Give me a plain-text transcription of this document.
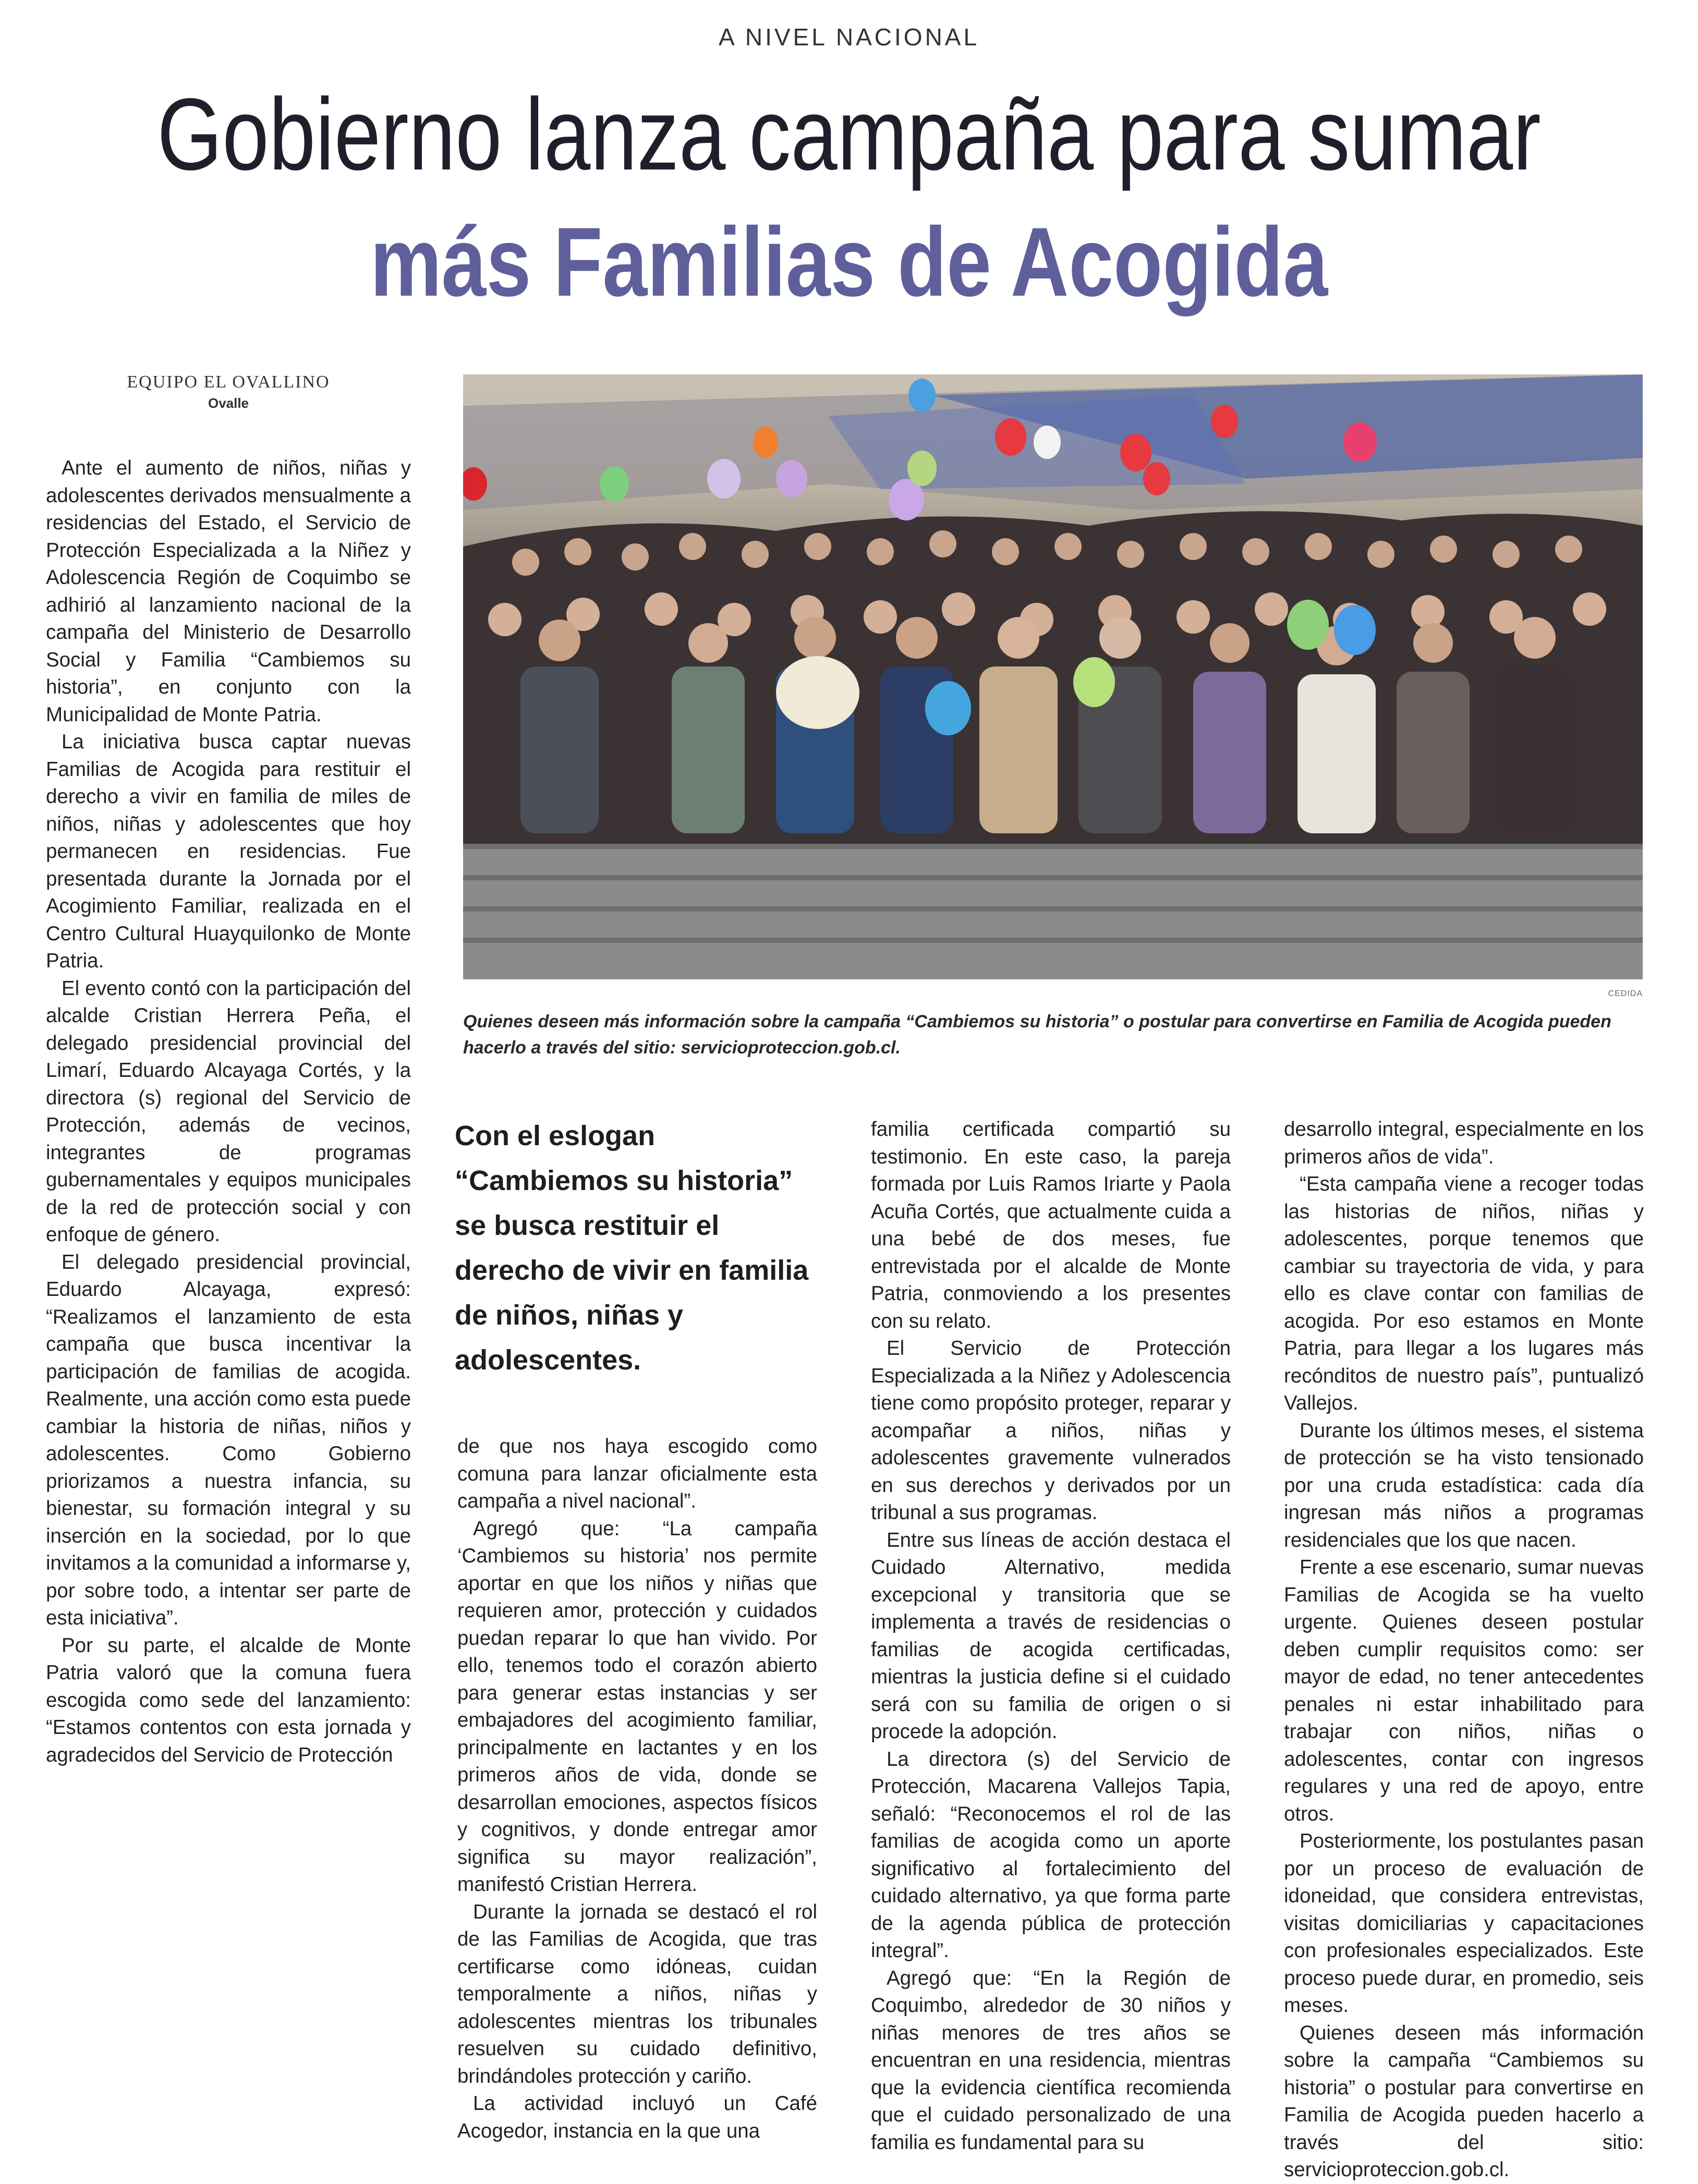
A NIVEL NACIONAL
Gobierno lanza campaña para sumar
más Familias de Acogida
EQUIPO EL OVALLINO
Ovalle
CEDIDA
Quienes deseen más información sobre la campaña “Cambiemos su historia” o postular para convertirse en Familia de Acogida pueden hacerlo a través del sitio: servicioproteccion.gob.cl.

Ante el aumento de niños, niñas y adolescentes derivados mensualmente a residencias del Estado, el Servicio de Protección Especializada a la Niñez y Adolescencia Región de Coquimbo se adhirió al lanzamiento nacional de la campaña del Ministerio de Desarrollo Social y Familia “Cambiemos su historia”, en conjunto con la Municipalidad de Monte Patria.

La iniciativa busca captar nuevas Familias de Acogida para restituir el derecho a vivir en familia de miles de niños, niñas y adolescentes que hoy permanecen en residencias. Fue presentada durante la Jornada por el Acogimiento Familiar, realizada en el Centro Cultural Huayquilonko de Monte Patria.

El evento contó con la participación del alcalde Cristian Herrera Peña, el delegado presidencial provincial del Limarí, Eduardo Alcayaga Cortés, y la directora (s) regional del Servicio de Protección, además de vecinos, integrantes de programas gubernamentales y equipos municipales de la red de protección social y con enfoque de género.

El delegado presidencial provincial, Eduardo Alcayaga, expresó: “Realizamos el lanzamiento de esta campaña que busca incentivar la participación de familias de acogida. Realmente, una acción como esta puede cambiar la historia de niñas, niños y adolescentes. Como Gobierno priorizamos a nuestra infancia, su bienestar, su formación integral y su inserción en la sociedad, por lo que invitamos a la comunidad a informarse y, por sobre todo, a intentar ser parte de esta iniciativa”.

Por su parte, el alcalde de Monte Patria valoró que la comuna fuera escogida como sede del lanzamiento: “Estamos contentos con esta jornada y agradecidos del Servicio de Protección

Con el eslogan “Cambiemos su historia” se busca restituir el derecho de vivir en familia de niños, niñas y adolescentes.

de que nos haya escogido como comuna para lanzar oficialmente esta campaña a nivel nacional”.

Agregó que: “La campaña ‘Cambiemos su historia’ nos permite aportar en que los niños y niñas que requieren amor, protección y cuidados puedan reparar lo que han vivido. Por ello, tenemos todo el corazón abierto para generar estas instancias y ser embajadores del acogimiento familiar, principalmente en lactantes y en los primeros años de vida, donde se desarrollan emociones, aspectos físicos y cognitivos, y donde entregar amor significa su mayor realización”, manifestó Cristian Herrera.

Durante la jornada se destacó el rol de las Familias de Acogida, que tras certificarse como idóneas, cuidan temporalmente a niños, niñas y adolescentes mientras los tribunales resuelven su cuidado definitivo, brindándoles protección y cariño.

La actividad incluyó un Café Acogedor, instancia en la que una

familia certificada compartió su testimonio. En este caso, la pareja formada por Luis Ramos Iriarte y Paola Acuña Cortés, que actualmente cuida a una bebé de dos meses, fue entrevistada por el alcalde de Monte Patria, conmoviendo a los presentes con su relato.

El Servicio de Protección Especializada a la Niñez y Adolescencia tiene como propósito proteger, reparar y acompañar a niños, niñas y adolescentes gravemente vulnerados en sus derechos y derivados por un tribunal a sus programas.

Entre sus líneas de acción destaca el Cuidado Alternativo, medida excepcional y transitoria que se implementa a través de residencias o familias de acogida certificadas, mientras la justicia define si el cuidado será con su familia de origen o si procede la adopción.

La directora (s) del Servicio de Protección, Macarena Vallejos Tapia, señaló: “Reconocemos el rol de las familias de acogida como un aporte significativo al fortalecimiento del cuidado alternativo, ya que forma parte de la agenda pública de protección integral”.

Agregó que: “En la Región de Coquimbo, alrededor de 30 niños y niñas menores de tres años se encuentran en una residencia, mientras que la evidencia científica recomienda que el cuidado personalizado de una familia es fundamental para su

desarrollo integral, especialmente en los primeros años de vida”.

“Esta campaña viene a recoger todas las historias de niños, niñas y adolescentes, porque tenemos que cambiar su trayectoria de vida, y para ello es clave contar con familias de acogida. Por eso estamos en Monte Patria, para llegar a los lugares más recónditos de nuestro país”, puntualizó Vallejos.

Durante los últimos meses, el sistema de protección se ha visto tensionado por una cruda estadística: cada día ingresan más niños a programas residenciales que los que nacen.

Frente a ese escenario, sumar nuevas Familias de Acogida se ha vuelto urgente. Quienes deseen postular deben cumplir requisitos como: ser mayor de edad, no tener antecedentes penales ni estar inhabilitado para trabajar con niños, niñas o adolescentes, contar con ingresos regulares y una red de apoyo, entre otros.

Posteriormente, los postulantes pasan por un proceso de evaluación de idoneidad, que considera entrevistas, visitas domiciliarias y capacitaciones con profesionales especializados. Este proceso puede durar, en promedio, seis meses.

Quienes deseen más información sobre la campaña “Cambiemos su historia” o postular para convertirse en Familia de Acogida pueden hacerlo a través del sitio: servicioproteccion.gob.cl.
